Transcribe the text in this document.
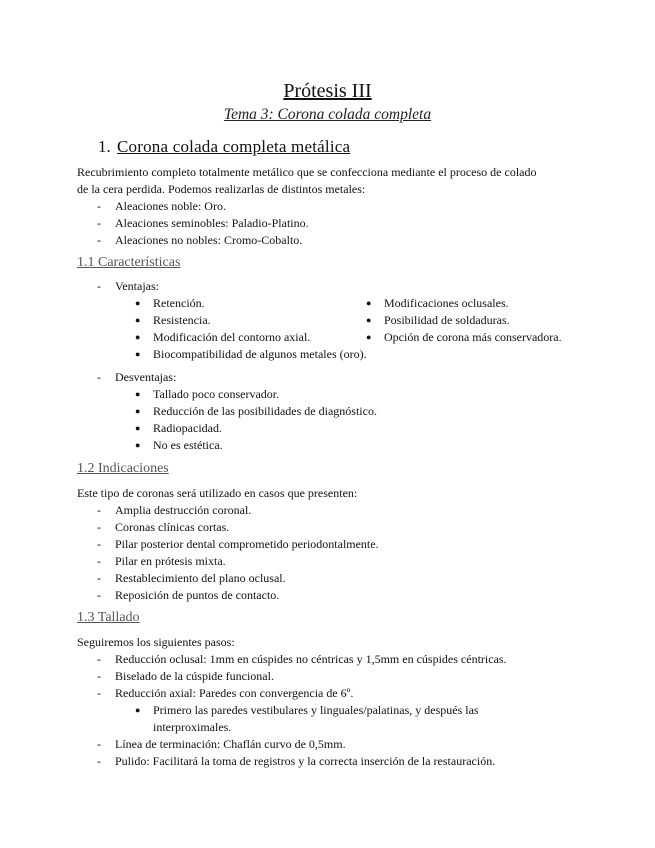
Prótesis III
Tema 3: Corona colada completa
1. Corona colada completa metálica
Recubrimiento completo totalmente metálico que se confecciona mediante el proceso de colado
de la cera perdida. Podemos realizarlas de distintos metales:
- Aleaciones noble: Oro.
- Aleaciones seminobles: Paladio-Platino.
- Aleaciones no nobles: Cromo-Cobalto.
1.1 Características
- Ventajas:
● Retención.
● Resistencia.
● Modificación del contorno axial.
● Biocompatibilidad de algunos metales (oro).
● Modificaciones oclusales.
● Posibilidad de soldaduras.
● Opción de corona más conservadora.
- Desventajas:
● Tallado poco conservador.
● Reducción de las posibilidades de diagnóstico.
● Radiopacidad.
● No es estética.
1.2 Indicaciones
Este tipo de coronas será utilizado en casos que presenten:
- Amplia destrucción coronal.
- Coronas clínicas cortas.
- Pilar posterior dental comprometido periodontalmente.
- Pilar en prótesis mixta.
- Restablecimiento del plano oclusal.
- Reposición de puntos de contacto.
1.3 Tallado
Seguiremos los siguientes pasos:
- Reducción oclusal: 1mm en cúspides no céntricas y 1,5mm en cúspides céntricas.
- Biselado de la cúspide funcional.
- Reducción axial: Paredes con convergencia de 6º.
● Primero las paredes vestibulares y linguales/palatinas, y después las
interproximales.
- Línea de terminación: Chaflán curvo de 0,5mm.
- Pulido: Facilitará la toma de registros y la correcta inserción de la restauración.
